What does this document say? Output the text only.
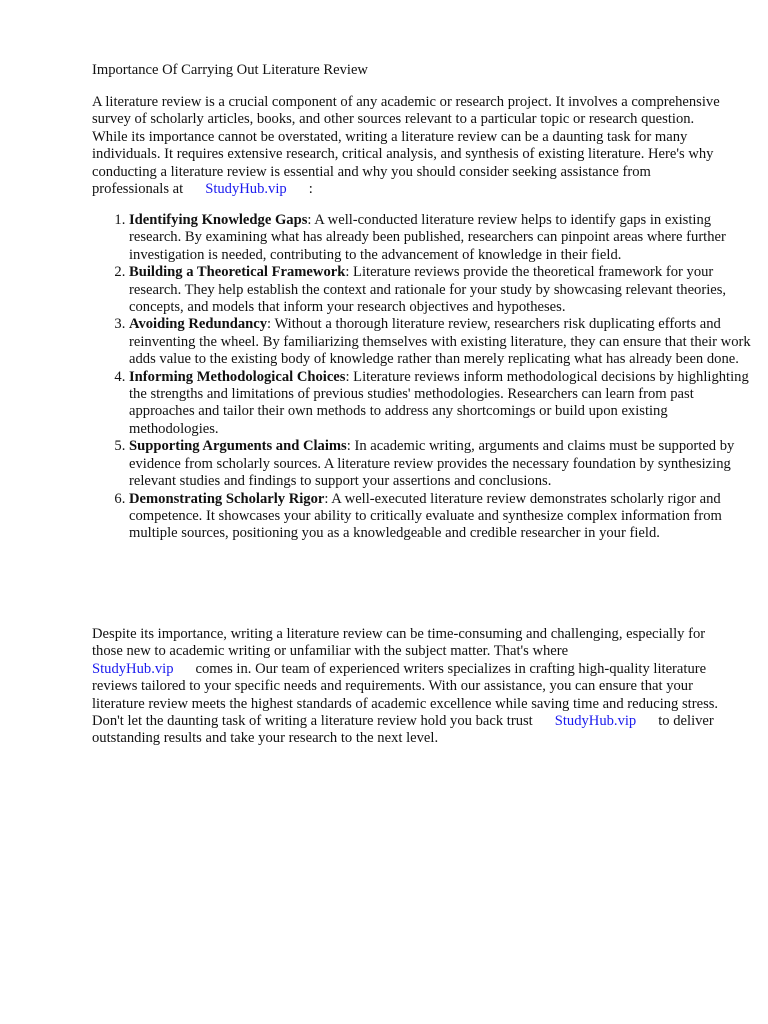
Importance Of Carrying Out Literature Review

A literature review is a crucial component of any academic or research project. It involves a comprehensive survey of scholarly articles, books, and other sources relevant to a particular topic or research question. While its importance cannot be overstated, writing a literature review can be a daunting task for many individuals. It requires extensive research, critical analysis, and synthesis of existing literature. Here's why conducting a literature review is essential and why you should consider seeking assistance from professionals at StudyHub.vip :

1. Identifying Knowledge Gaps: A well-conducted literature review helps to identify gaps in existing research. By examining what has already been published, researchers can pinpoint areas where further investigation is needed, contributing to the advancement of knowledge in their field.
2. Building a Theoretical Framework: Literature reviews provide the theoretical framework for your research. They help establish the context and rationale for your study by showcasing relevant theories, concepts, and models that inform your research objectives and hypotheses.
3. Avoiding Redundancy: Without a thorough literature review, researchers risk duplicating efforts and reinventing the wheel. By familiarizing themselves with existing literature, they can ensure that their work adds value to the existing body of knowledge rather than merely replicating what has already been done.
4. Informing Methodological Choices: Literature reviews inform methodological decisions by highlighting the strengths and limitations of previous studies' methodologies. Researchers can learn from past approaches and tailor their own methods to address any shortcomings or build upon existing methodologies.
5. Supporting Arguments and Claims: In academic writing, arguments and claims must be supported by evidence from scholarly sources. A literature review provides the necessary foundation by synthesizing relevant studies and findings to support your assertions and conclusions.
6. Demonstrating Scholarly Rigor: A well-executed literature review demonstrates scholarly rigor and competence. It showcases your ability to critically evaluate and synthesize complex information from multiple sources, positioning you as a knowledgeable and credible researcher in your field.

Despite its importance, writing a literature review can be time-consuming and challenging, especially for those new to academic writing or unfamiliar with the subject matter. That's where
StudyHub.vip comes in. Our team of experienced writers specializes in crafting high-quality literature reviews tailored to your specific needs and requirements. With our assistance, you can ensure that your literature review meets the highest standards of academic excellence while saving time and reducing stress. Don't let the daunting task of writing a literature review hold you back trust StudyHub.vip to deliver outstanding results and take your research to the next level.
